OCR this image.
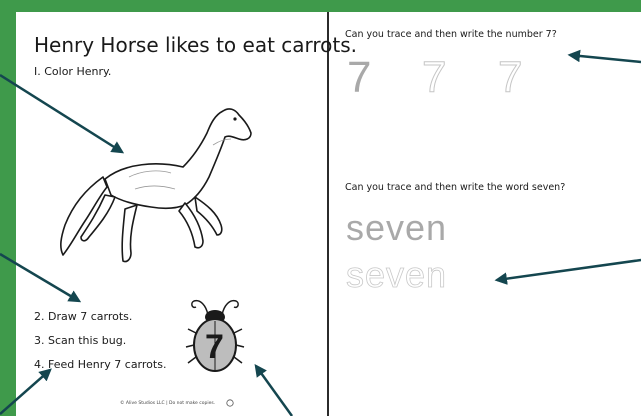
Henry Horse likes to eat carrots.
I. Color Henry.
2. Draw 7 carrots.
3. Scan this bug.
4. Feed Henry 7 carrots. 7
© Alive Studios LLC | Do not make copies.
Can you trace and then write the number 7?
7 7 7
Can you trace and then write the word seven?
seven
seven
